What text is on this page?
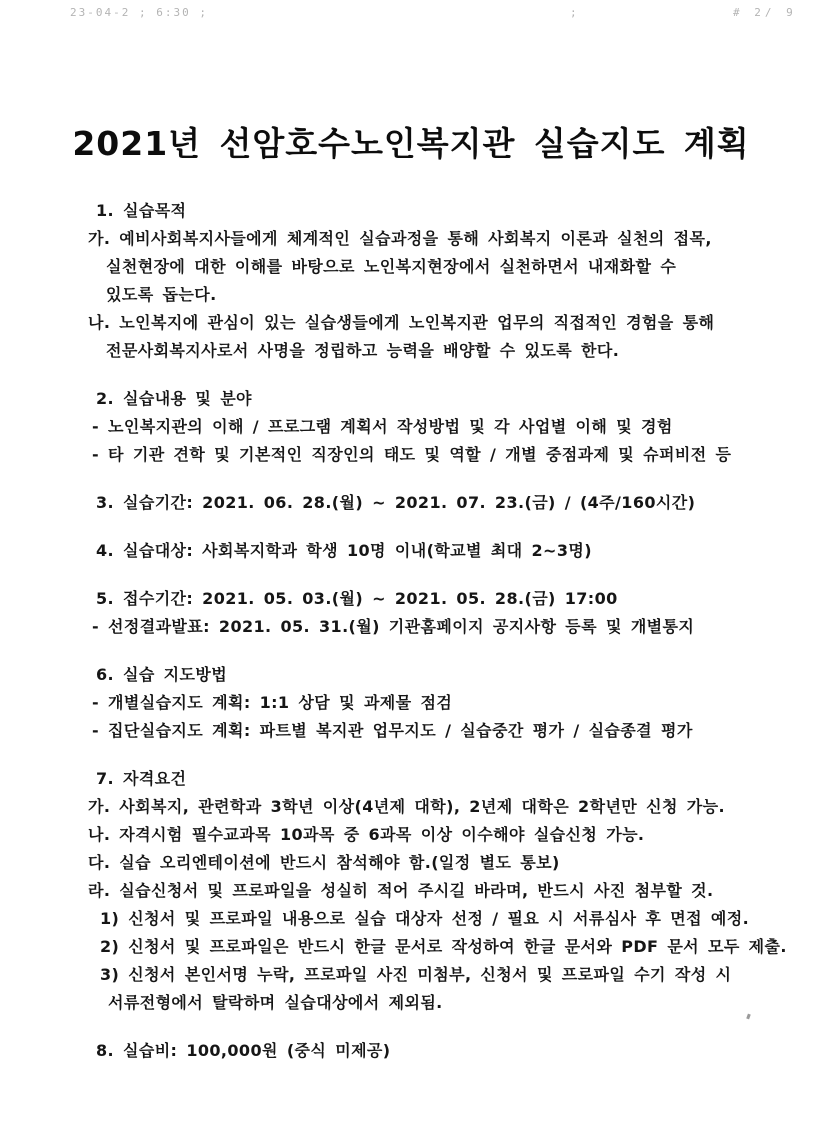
23-04-2 ; 6:30 ;	;	# 2/ 9
2021년 선암호수노인복지관 실습지도 계획
1. 실습목적
가. 예비사회복지사들에게 체계적인 실습과정을 통해 사회복지 이론과 실천의 접목,
실천현장에 대한 이해를 바탕으로 노인복지현장에서 실천하면서 내재화할 수
있도록 돕는다.
나. 노인복지에 관심이 있는 실습생들에게 노인복지관 업무의 직접적인 경험을 통해
전문사회복지사로서 사명을 정립하고 능력을 배양할 수 있도록 한다.
2. 실습내용 및 분야
- 노인복지관의 이해 / 프로그램 계획서 작성방법 및 각 사업별 이해 및 경험
- 타 기관 견학 및 기본적인 직장인의 태도 및 역할 / 개별 중점과제 및 슈퍼비전 등
3. 실습기간: 2021. 06. 28.(월) ~ 2021. 07. 23.(금) / (4주/160시간)
4. 실습대상: 사회복지학과 학생 10명 이내(학교별 최대 2~3명)
5. 접수기간: 2021. 05. 03.(월) ~ 2021. 05. 28.(금) 17:00
- 선정결과발표: 2021. 05. 31.(월) 기관홈페이지 공지사항 등록 및 개별통지
6. 실습 지도방법
- 개별실습지도 계획: 1:1 상담 및 과제물 점검
- 집단실습지도 계획: 파트별 복지관 업무지도 / 실습중간 평가 / 실습종결 평가
7. 자격요건
가. 사회복지, 관련학과 3학년 이상(4년제 대학), 2년제 대학은 2학년만 신청 가능.
나. 자격시험 필수교과목 10과목 중 6과목 이상 이수해야 실습신청 가능.
다. 실습 오리엔테이션에 반드시 참석해야 함.(일정 별도 통보)
라. 실습신청서 및 프로파일을 성실히 적어 주시길 바라며, 반드시 사진 첨부할 것.
1) 신청서 및 프로파일 내용으로 실습 대상자 선정 / 필요 시 서류심사 후 면접 예정.
2) 신청서 및 프로파일은 반드시 한글 문서로 작성하여 한글 문서와 PDF 문서 모두 제출.
3) 신청서 본인서명 누락, 프로파일 사진 미첨부, 신청서 및 프로파일 수기 작성 시
서류전형에서 탈락하며 실습대상에서 제외됨.
8. 실습비: 100,000원 (중식 미제공)
